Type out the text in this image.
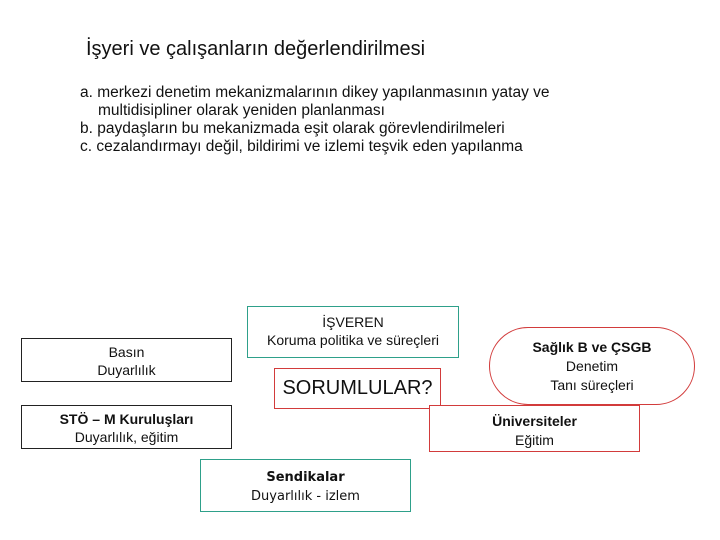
İşyeri ve çalışanların değerlendirilmesi
a. merkezi denetim mekanizmalarının dikey yapılanmasının yatay ve
multidisipliner olarak yeniden planlanması
b. paydaşların bu mekanizmada eşit olarak görevlendirilmeleri
c. cezalandırmayı değil, bildirimi ve izlemi teşvik eden yapılanma
Basın
Duyarlılık
İŞVEREN
Koruma politika ve süreçleri
SORUMLULAR?
Sağlık B ve ÇSGB
Denetim
Tanı süreçleri
STÖ – M Kuruluşları
Duyarlılık, eğitim
Üniversiteler
Eğitim
Sendikalar
Duyarlılık - izlem
